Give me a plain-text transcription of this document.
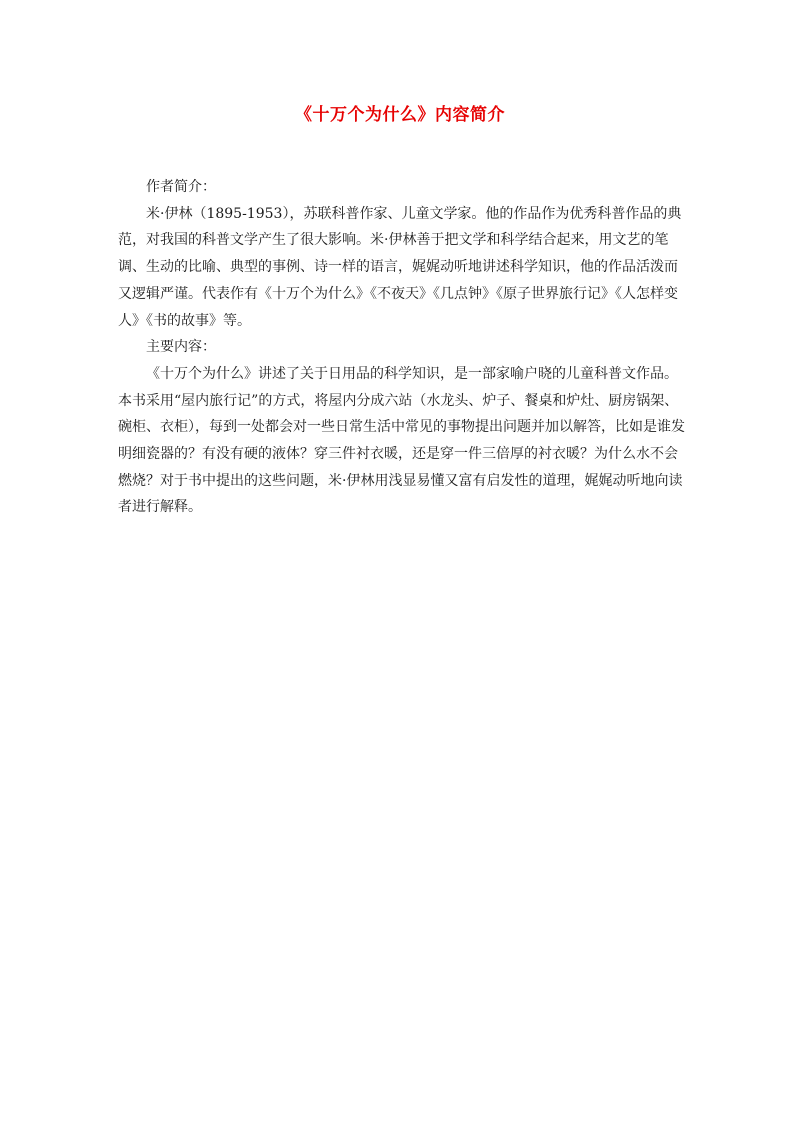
《十万个为什么》内容简介

作者简介：

米·伊林（1895-1953），苏联科普作家、儿童文学家。他的作品作为优秀科普作品的典范，对我国的科普文学产生了很大影响。米·伊林善于把文学和科学结合起来，用文艺的笔调、生动的比喻、典型的事例、诗一样的语言，娓娓动听地讲述科学知识，他的作品活泼而又逻辑严谨。代表作有《十万个为什么》《不夜天》《几点钟》《原子世界旅行记》《人怎样变人》《书的故事》等。

主要内容：

《十万个为什么》讲述了关于日用品的科学知识，是一部家喻户晓的儿童科普文作品。本书采用“屋内旅行记”的方式，将屋内分成六站（水龙头、炉子、餐桌和炉灶、厨房锅架、碗柜、衣柜），每到一处都会对一些日常生活中常见的事物提出问题并加以解答，比如是谁发明细瓷器的？有没有硬的液体？穿三件衬衣暖，还是穿一件三倍厚的衬衣暖？为什么水不会燃烧？对于书中提出的这些问题，米·伊林用浅显易懂又富有启发性的道理，娓娓动听地向读者进行解释。
